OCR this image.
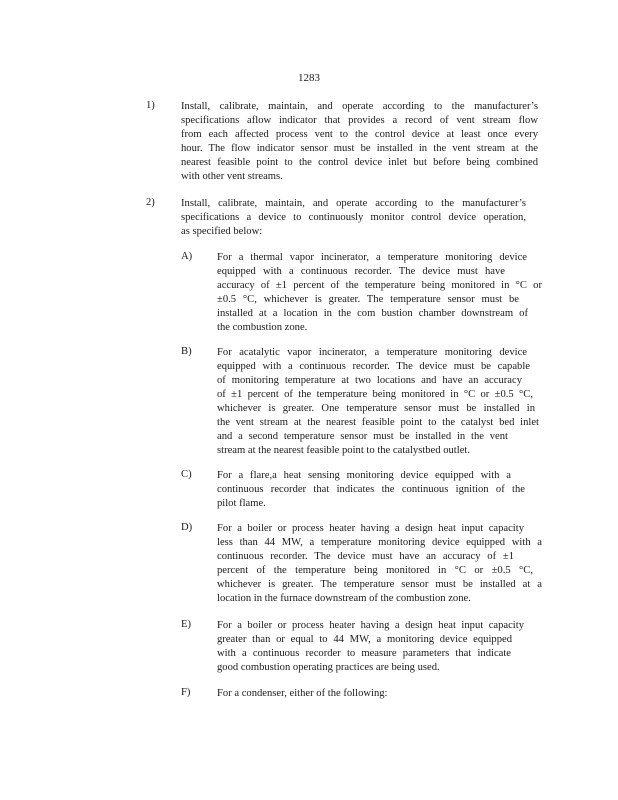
1283
1) Install, calibrate, maintain, and operate according to the manufacturer’s
specifications aflow indicator that provides a record of vent stream flow
from each affected process vent to the control device at least once every
hour. The flow indicator sensor must be installed in the vent stream at the
nearest feasible point to the control device inlet but before being combined
with other vent streams.
2) Install, calibrate, maintain, and operate according to the manufacturer’s
specifications a device to continuously monitor control device operation,
as specified below:
A) For a thermal vapor incinerator, a temperature monitoring device
equipped with a continuous recorder. The device must have
accuracy of ±1 percent of the temperature being monitored in °C or
±0.5 °C, whichever is greater. The temperature sensor must be
installed at a location in the com bustion chamber downstream of
the combustion zone.
B) For acatalytic vapor incinerator, a temperature monitoring device
equipped with a continuous recorder. The device must be capable
of monitoring temperature at two locations and have an accuracy
of ±1 percent of the temperature being monitored in °C or ±0.5 °C,
whichever is greater. One temperature sensor must be installed in
the vent stream at the nearest feasible point to the catalyst bed inlet
and a second temperature sensor must be installed in the vent
stream at the nearest feasible point to the catalystbed outlet.
C) For a flare,a heat sensing monitoring device equipped with a
continuous recorder that indicates the continuous ignition of the
pilot flame.
D) For a boiler or process heater having a design heat input capacity
less than 44 MW, a temperature monitoring device equipped with a
continuous recorder. The device must have an accuracy of ±1
percent of the temperature being monitored in °C or ±0.5 °C,
whichever is greater. The temperature sensor must be installed at a
location in the furnace downstream of the combustion zone.
E) For a boiler or process heater having a design heat input capacity
greater than or equal to 44 MW, a monitoring device equipped
with a continuous recorder to measure parameters that indicate
good combustion operating practices are being used.
F)	For a condenser, either of the following:
